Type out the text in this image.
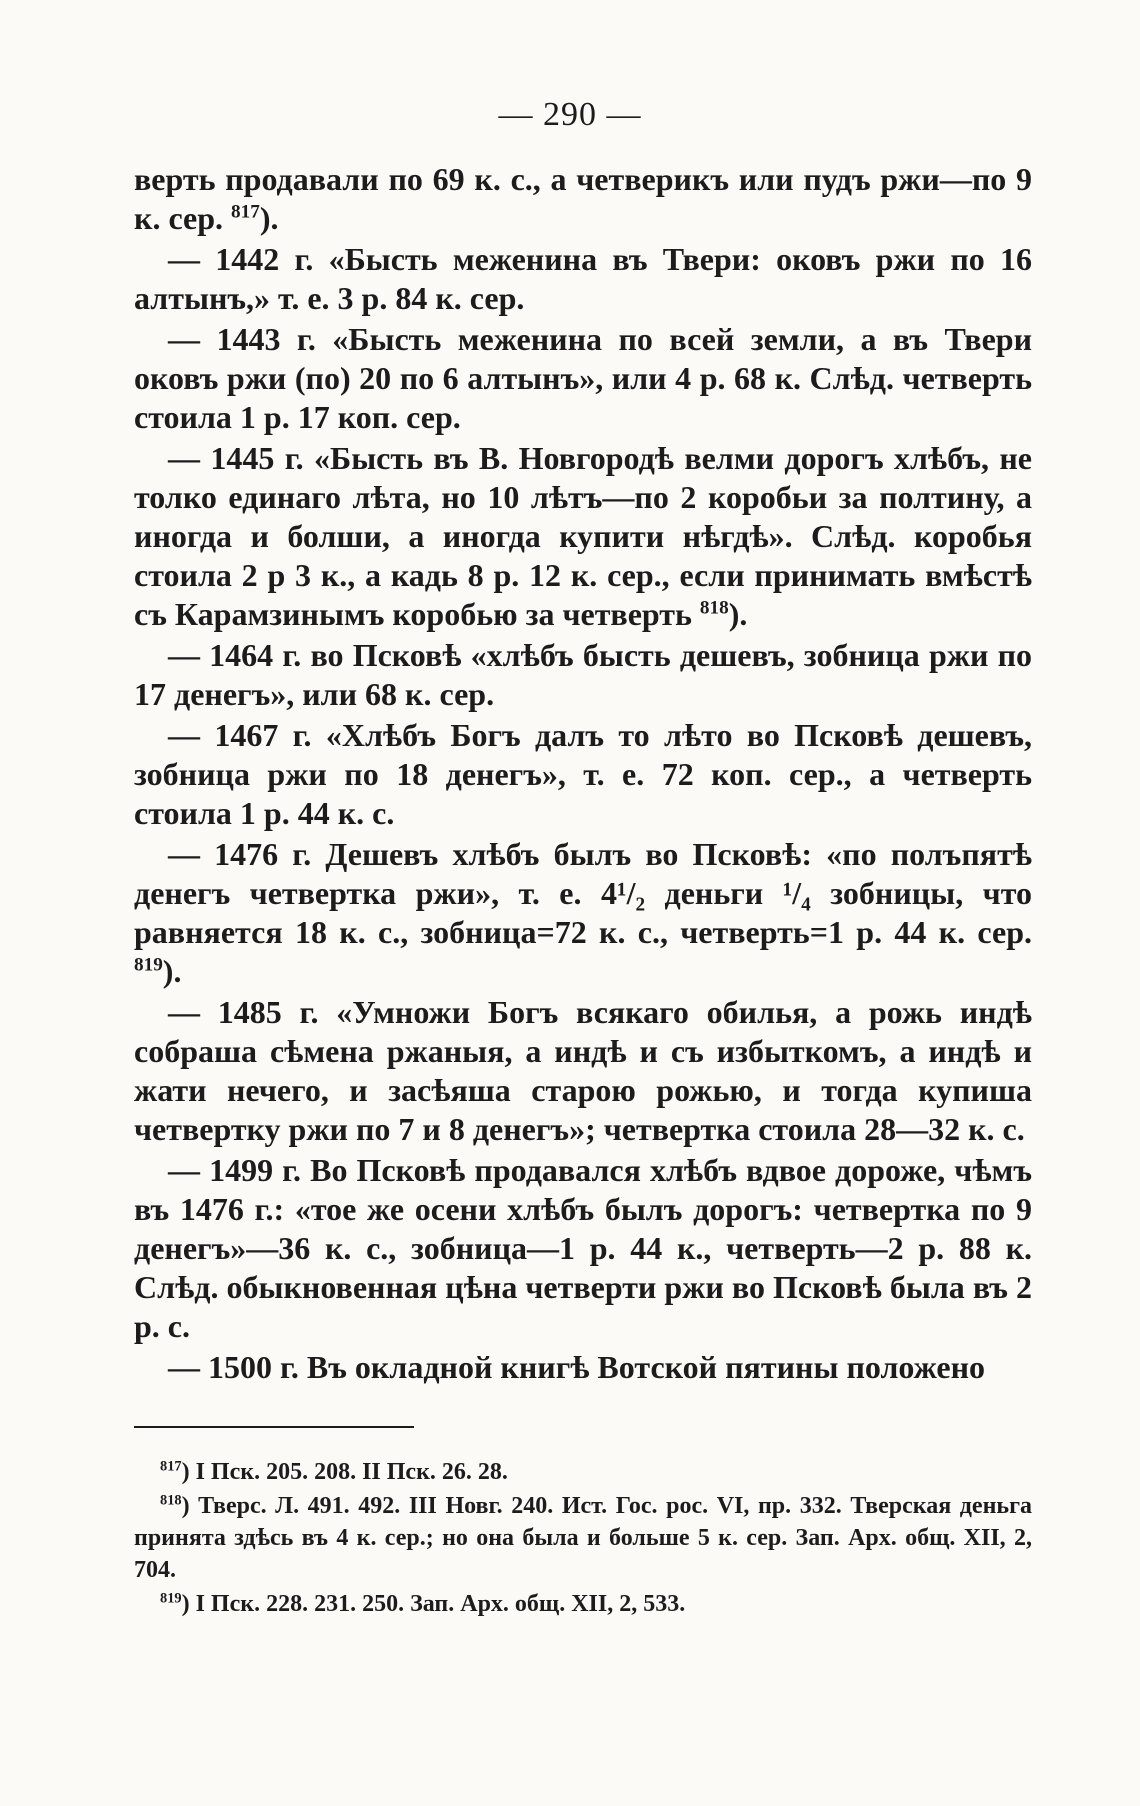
— 290 —

верть продавали по 69 к. с., а четверикъ или пудъ ржи—по 9 к. сер. $^{817}$).

— 1442 г. «Бысть меженина въ Твери: оковъ ржи по 16 алтынъ,» т. е. 3 р. 84 к. сер.

— 1443 г. «Бысть меженина по всей земли, а въ Твери оковъ ржи (по) 20 по 6 алтынъ», или 4 р. 68 к. Слѣд. четверть стоила 1 р. 17 коп. сер.

— 1445 г. «Бысть въ В. Новгородѣ велми дорогъ хлѣбъ, не толко единаго лѣта, но 10 лѣтъ—по 2 коробьи за полтину, а иногда и болши, а иногда купити нѣгдѣ». Слѣд. коробья стоила 2 р 3 к., а кадь 8 р. 12 к. сер., если принимать вмѣстѣ съ Карамзинымъ коробью за четверть $^{818}$).

— 1464 г. во Псковѣ «хлѣбъ бысть дешевъ, зобница ржи по 17 денегъ», или 68 к. сер.

— 1467 г. «Хлѣбъ Богъ далъ то лѣто во Псковѣ дешевъ, зобница ржи по 18 денегъ», т. е. 72 коп. сер., а четверть стоила 1 р. 44 к. с.

— 1476 г. Дешевъ хлѣбъ былъ во Псковѣ: «по полъпятѣ денегъ четвертка ржи», т. е. 4¹/₂ деньги ¹/₄ зобницы, что равняется 18 к. с., зобница=72 к. с., четверть=1 р. 44 к. сер. $^{819}$).

— 1485 г. «Умножи Богъ всякаго обилья, а рожь индѣ собраша сѣмена ржаныя, а индѣ и съ избыткомъ, а индѣ и жати нечего, и засѣяша старою рожью, и тогда купиша четвертку ржи по 7 и 8 денегъ»; четвертка стоила 28—32 к. с.

— 1499 г. Во Псковѣ продавался хлѣбъ вдвое дороже, чѣмъ въ 1476 г.: «тое же осени хлѣбъ былъ дорогъ: четвертка по 9 денегъ»—36 к. с., зобница—1 р. 44 к., четверть—2 р. 88 к. Слѣд. обыкновенная цѣна четверти ржи во Псковѣ была въ 2 р. с.

— 1500 г. Въ окладной книгѣ Вотской пятины положено

$^{817}$) I Пск. 205. 208. II Пск. 26. 28.

$^{818}$) Тверс. Л. 491. 492. III Новг. 240. Ист. Гос. рос. VI, пр. 332. Тверская деньга принята здѣсь въ 4 к. сер.; но она была и больше 5 к. сер. Зап. Арх. общ. XII, 2, 704.

$^{819}$) I Пск. 228. 231. 250. Зап. Арх. общ. XII, 2, 533.
